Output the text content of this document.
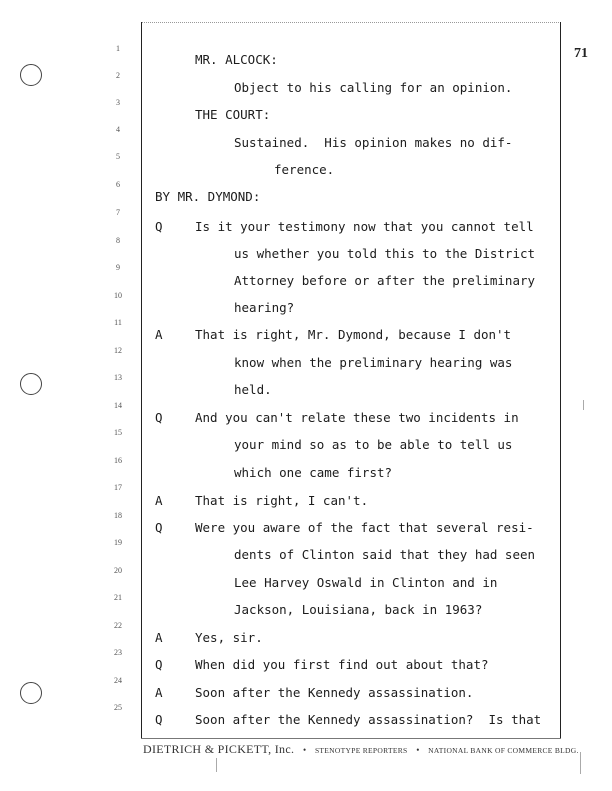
71
1
2
3
4
5
6
7
8
9
10
11
12
13
14
15
16
17
18
19
20
21
22
23
24
25
MR. ALCOCK:
Object to his calling for an opinion.
THE COURT:
Sustained.  His opinion makes no dif-
ference.
BY MR. DYMOND:
Q	Is it your testimony now that you cannot tell
us whether you told this to the District
Attorney before or after the preliminary
hearing?
A	That is right, Mr. Dymond, because I don't
know when the preliminary hearing was
held.
Q	And you can't relate these two incidents in
your mind so as to be able to tell us
which one came first?
A	That is right, I can't.
Q	Were you aware of the fact that several resi-
dents of Clinton said that they had seen
Lee Harvey Oswald in Clinton and in
Jackson, Louisiana, back in 1963?
A	Yes, sir.
Q	When did you first find out about that?
A	Soon after the Kennedy assassination.
Q	Soon after the Kennedy assassination?  Is that
DIETRICH & PICKETT, Inc. • STENOTYPE REPORTERS • NATIONAL BANK OF COMMERCE BLDG.
